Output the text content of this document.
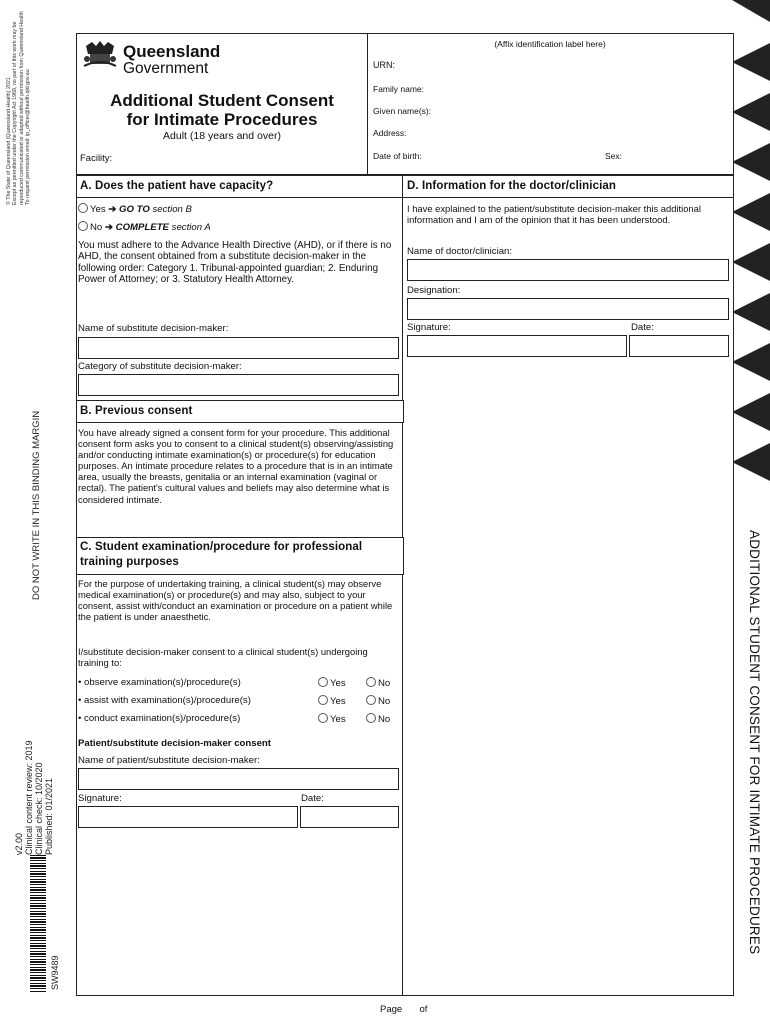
© The State of Queensland (Queensland Health) 2021 Except as permitted under the Copyright Act 1968, no part of this work may be reproduced communicated or adapted without permission from Queensland Health To request permission email: ip_officer@health.qld.gov.au
DO NOT WRITE IN THIS BINDING MARGIN
v2.00 Clinical content review: 2019 Clinical check: 10/2020 Published: 01/2021
SW9489
ADDITIONAL STUDENT CONSENT FOR INTIMATE PROCEDURES
Queensland
Government
Additional Student Consent
for Intimate Procedures
Adult (18 years and over)
Facility:
(Affix identification label here)
URN:
Family name:
Given name(s):
Address:
Date of birth:	Sex:
A. Does the patient have capacity?
Yes ➔ GO TO section B
No ➔ COMPLETE section A
You must adhere to the Advance Health Directive (AHD), or if there is no AHD, the consent obtained from a substitute decision-maker in the following order: Category 1. Tribunal-appointed guardian; 2. Enduring Power of Attorney; or 3. Statutory Health Attorney.
Name of substitute decision-maker:
Category of substitute decision-maker:
B. Previous consent
You have already signed a consent form for your procedure. This additional consent form asks you to consent to a clinical student(s) observing/assisting and/or conducting intimate examination(s) or procedure(s) for education purposes. An intimate procedure relates to a procedure that is in an intimate area, usually the breasts, genitalia or an internal examination (vaginal or rectal). The patient's cultural values and beliefs may also determine what is considered intimate.
C. Student examination/procedure for professional
training purposes
For the purpose of undertaking training, a clinical student(s) may observe medical examination(s) or procedure(s) and may also, subject to your consent, assist with/conduct an examination or procedure on a patient while the patient is under anaesthetic.
I/substitute decision-maker consent to a clinical student(s) undergoing training to:
• observe examination(s)/procedure(s)	Yes	No
• assist with examination(s)/procedure(s)	Yes	No
• conduct examination(s)/procedure(s)	Yes	No
Patient/substitute decision-maker consent
Name of patient/substitute decision-maker:
Signature:	Date:
D. Information for the doctor/clinician
I have explained to the patient/substitute decision-maker this additional information and I am of the opinion that it has been understood.
Name of doctor/clinician:
Designation:
Signature:	Date:
Page of
